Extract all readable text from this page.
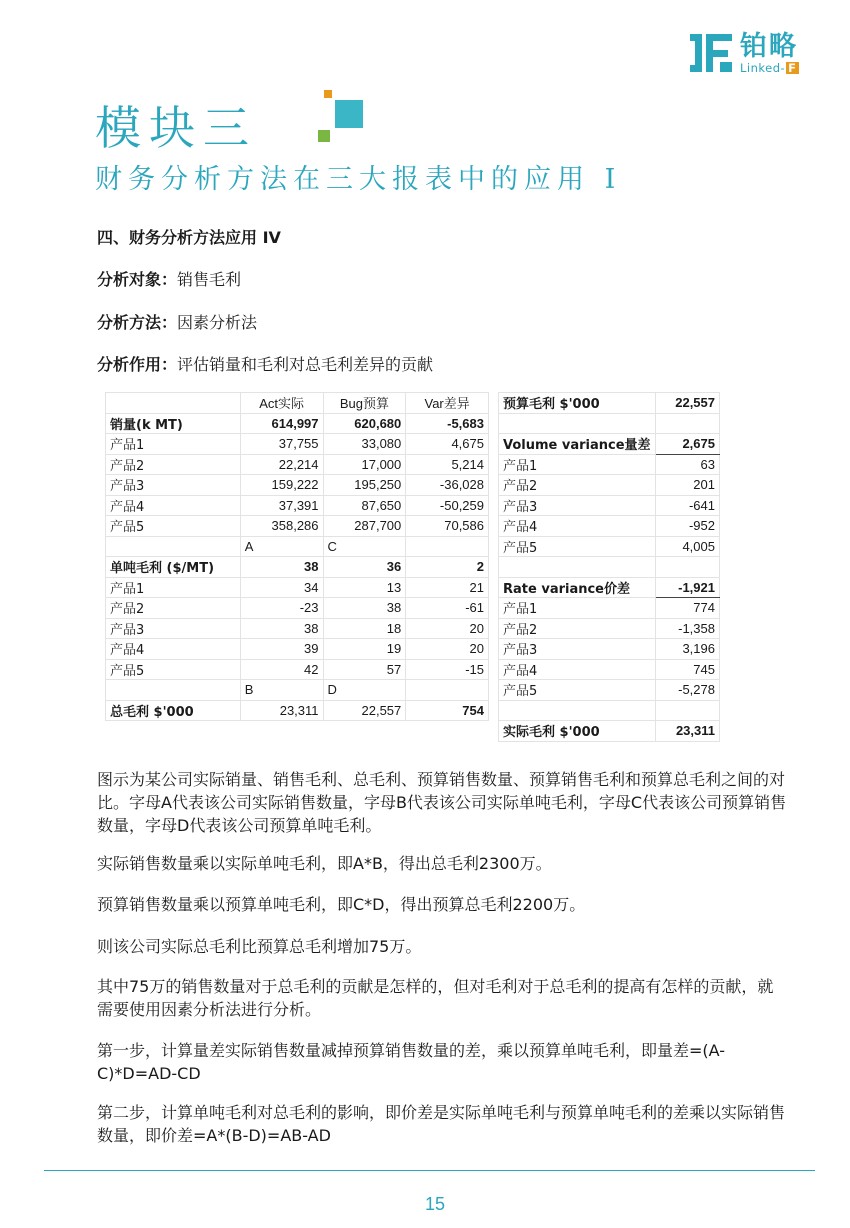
铂略
Linked- F
模块三
财务分析方法在三大报表中的应用 Ⅰ
四、财务分析方法应用 IV
分析对象：销售毛利
分析方法：因素分析法
分析作用：评估销量和毛利对总毛利差异的贡献
	Act实际	Bug预算	Var差异
销量(k MT)	614,997	620,680	-5,683
产品1	37,755	33,080	4,675
产品2	22,214	17,000	5,214
产品3	159,222	195,250	-36,028
产品4	37,391	87,650	-50,259
产品5	358,286	287,700	70,586
	A	C	
单吨毛利 ($/MT)	38	36	2
产品1	34	13	21
产品2	-23	38	-61
产品3	38	18	20
产品4	39	19	20
产品5	42	57	-15
	B	D	
总毛利 $'000	23,311	22,557	754
预算毛利 $'000	22,557

Volume variance量差	2,675
产品1	63
产品2	201
产品3	-641
产品4	-952
产品5	4,005

Rate variance价差	-1,921
产品1	774
产品2	-1,358
产品3	3,196
产品4	745
产品5	-5,278

实际毛利 $'000	23,311
图示为某公司实际销量、销售毛利、总毛利、预算销售数量、预算销售毛利和预算总毛利之间的对比。字母A代表该公司实际销售数量，字母B代表该公司实际单吨毛利，字母C代表该公司预算销售数量，字母D代表该公司预算单吨毛利。
实际销售数量乘以实际单吨毛利，即A*B，得出总毛利2300万。
预算销售数量乘以预算单吨毛利，即C*D，得出预算总毛利2200万。
则该公司实际总毛利比预算总毛利增加75万。
其中75万的销售数量对于总毛利的贡献是怎样的，但对毛利对于总毛利的提高有怎样的贡献，就需要使用因素分析法进行分析。
第一步，计算量差实际销售数量减掉预算销售数量的差，乘以预算单吨毛利，即量差=(A-C)*D=AD-CD
第二步，计算单吨毛利对总毛利的影响，即价差是实际单吨毛利与预算单吨毛利的差乘以实际销售数量，即价差=A*(B-D)=AB-AD
15
